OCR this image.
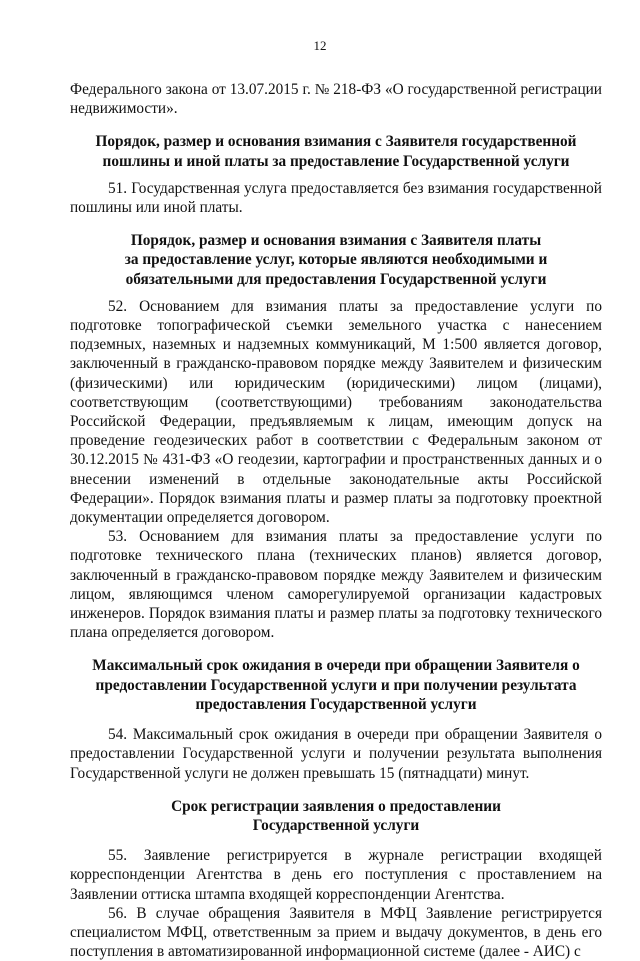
12

Федерального закона от 13.07.2015 г. № 218-ФЗ «О государственной регистрации недвижимости».

Порядок, размер и основания взимания с Заявителя государственной
пошлины и иной платы за предоставление Государственной услуги

51. Государственная услуга предоставляется без взимания государственной пошлины или иной платы.

Порядок, размер и основания взимания с Заявителя платы
за предоставление услуг, которые являются необходимыми и
обязательными для предоставления Государственной услуги

52. Основанием для взимания платы за предоставление услуги по подготовке топографической съемки земельного участка с нанесением подземных, наземных и надземных коммуникаций, М 1:500 является договор, заключенный в гражданско-правовом порядке между Заявителем и физическим (физическими) или юридическим (юридическими) лицом (лицами), соответствующим (соответствующими) требованиям законодательства Российской Федерации, предъявляемым к лицам, имеющим допуск на проведение геодезических работ в соответствии с Федеральным законом от 30.12.2015 № 431-ФЗ «О геодезии, картографии и пространственных данных и о внесении изменений в отдельные законодательные акты Российской Федерации». Порядок взимания платы и размер платы за подготовку проектной документации определяется договором.

53. Основанием для взимания платы за предоставление услуги по подготовке технического плана (технических планов) является договор, заключенный в гражданско-правовом порядке между Заявителем и физическим лицом, являющимся членом саморегулируемой организации кадастровых инженеров. Порядок взимания платы и размер платы за подготовку технического плана определяется договором.

Максимальный срок ожидания в очереди при обращении Заявителя о
предоставлении Государственной услуги и при получении результата
предоставления Государственной услуги

54. Максимальный срок ожидания в очереди при обращении Заявителя о предоставлении Государственной услуги и получении результата выполнения Государственной услуги не должен превышать 15 (пятнадцати) минут.

Срок регистрации заявления о предоставлении
Государственной услуги

55. Заявление регистрируется в журнале регистрации входящей корреспонденции Агентства в день его поступления с проставлением на Заявлении оттиска штампа входящей корреспонденции Агентства.

56. В случае обращения Заявителя в МФЦ Заявление регистрируется специалистом МФЦ, ответственным за прием и выдачу документов, в день его поступления в автоматизированной информационной системе (далее - АИС) с
